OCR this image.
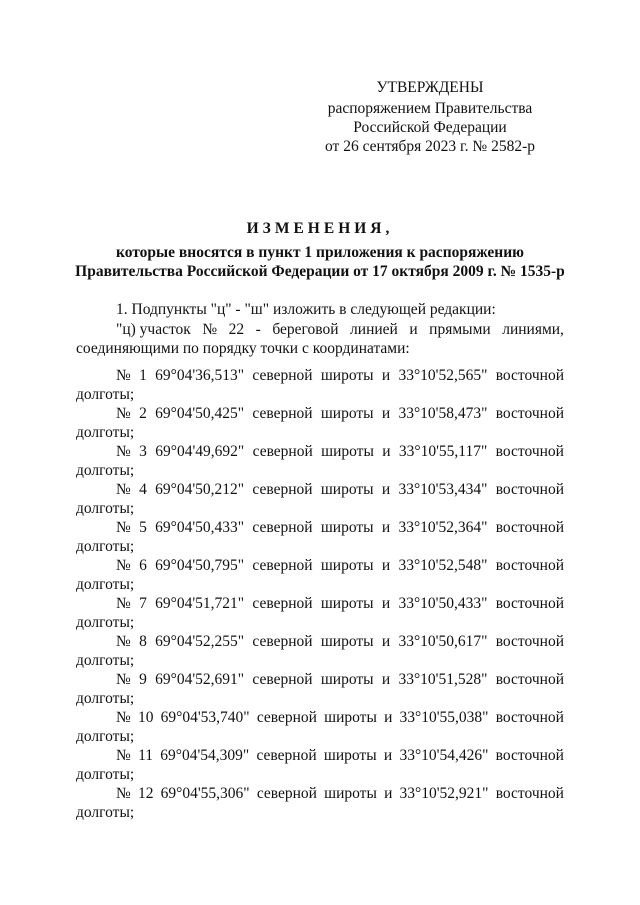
УТВЕРЖДЕНЫ
распоряжением Правительства
Российской Федерации
от 26 сентября 2023 г. № 2582-р
ИЗМЕНЕНИЯ,
которые вносятся в пункт 1 приложения к распоряжению
Правительства Российской Федерации от 17 октября 2009 г. № 1535-р
1. Подпункты "ц" - "ш" изложить в следующей редакции:
"ц) участок № 22 - береговой линией и прямыми линиями,
соединяющими по порядку точки с координатами:
№ 1 69°04'36,513" северной широты и 33°10'52,565" восточной
долготы;
№ 2 69°04'50,425" северной широты и 33°10'58,473" восточной
долготы;
№ 3 69°04'49,692" северной широты и 33°10'55,117" восточной
долготы;
№ 4 69°04'50,212" северной широты и 33°10'53,434" восточной
долготы;
№ 5 69°04'50,433" северной широты и 33°10'52,364" восточной
долготы;
№ 6 69°04'50,795" северной широты и 33°10'52,548" восточной
долготы;
№ 7 69°04'51,721" северной широты и 33°10'50,433" восточной
долготы;
№ 8 69°04'52,255" северной широты и 33°10'50,617" восточной
долготы;
№ 9 69°04'52,691" северной широты и 33°10'51,528" восточной
долготы;
№ 10 69°04'53,740" северной широты и 33°10'55,038" восточной
долготы;
№ 11 69°04'54,309" северной широты и 33°10'54,426" восточной
долготы;
№ 12 69°04'55,306" северной широты и 33°10'52,921" восточной
долготы;
